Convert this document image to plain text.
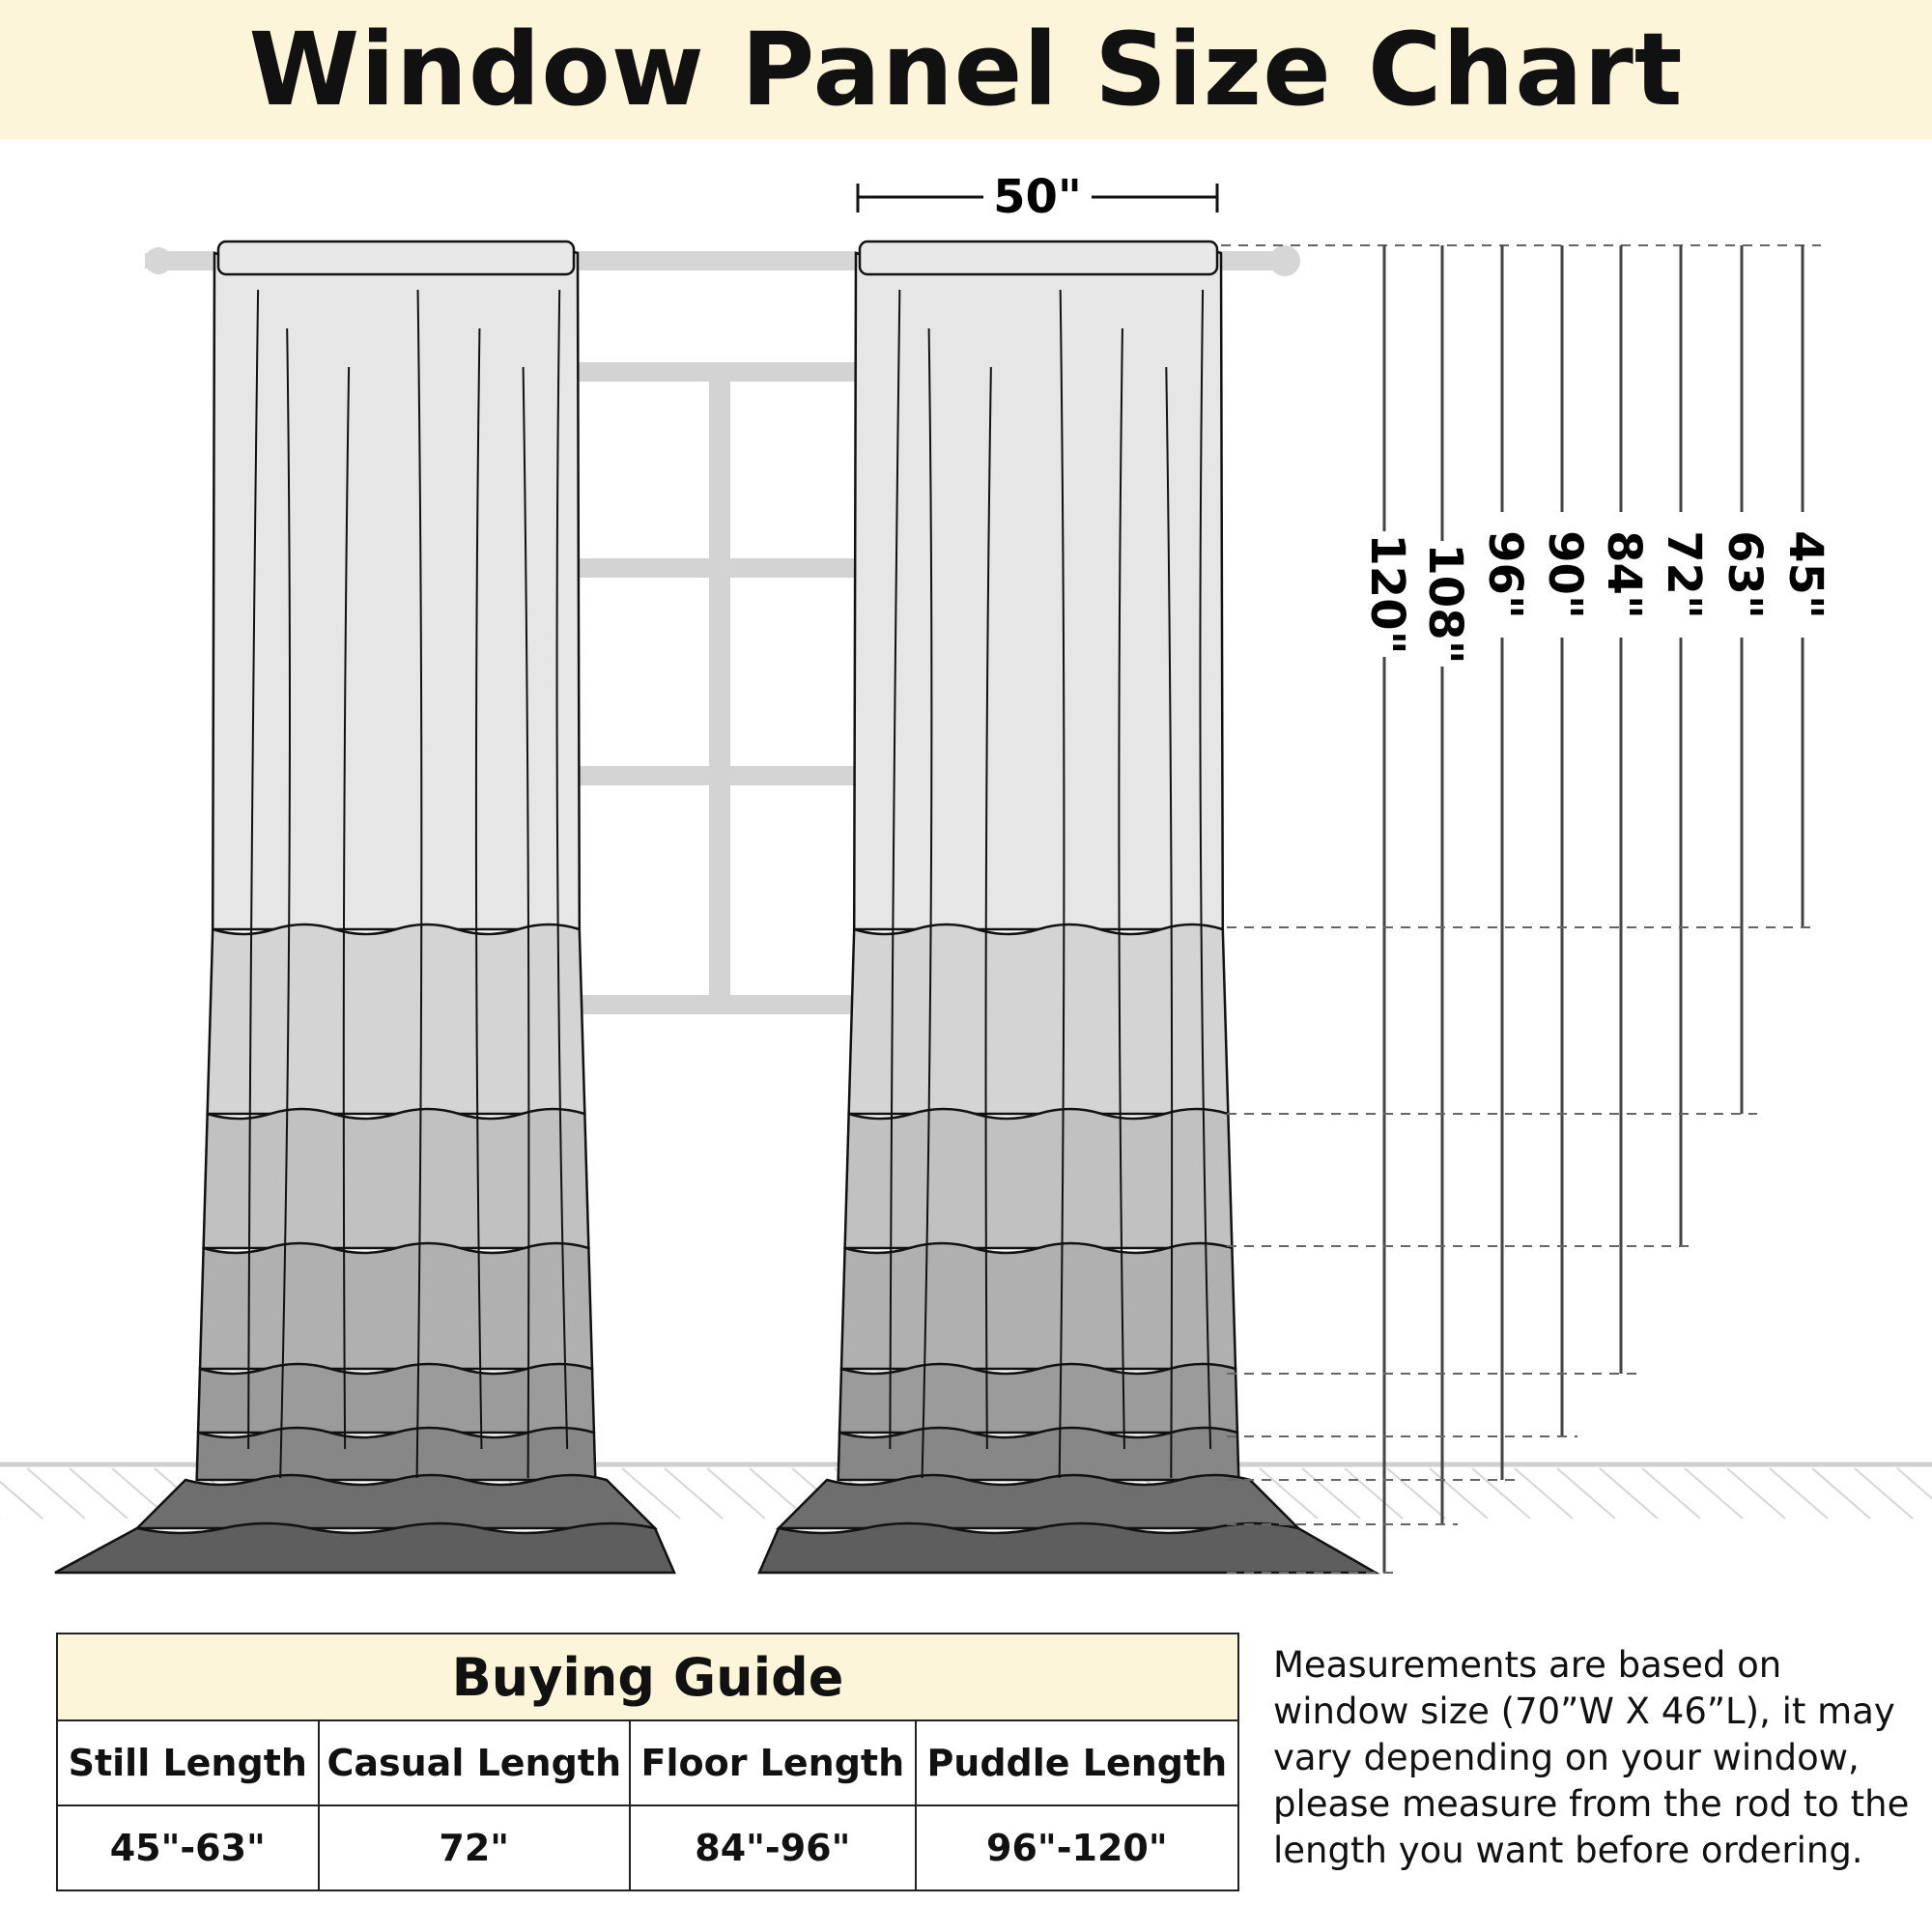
Window Panel Size Chart
50"
120" 108" 96" 90" 84" 72" 63" 45"
Buying Guide			
Still Length	Casual Length	Floor Length	Puddle Length
45"-63"	72"	84"-96"	96"-120"
Measurements are based on window size (70”W X 46”L), it may vary depending on your window, please measure from the rod to the length you want before ordering.
